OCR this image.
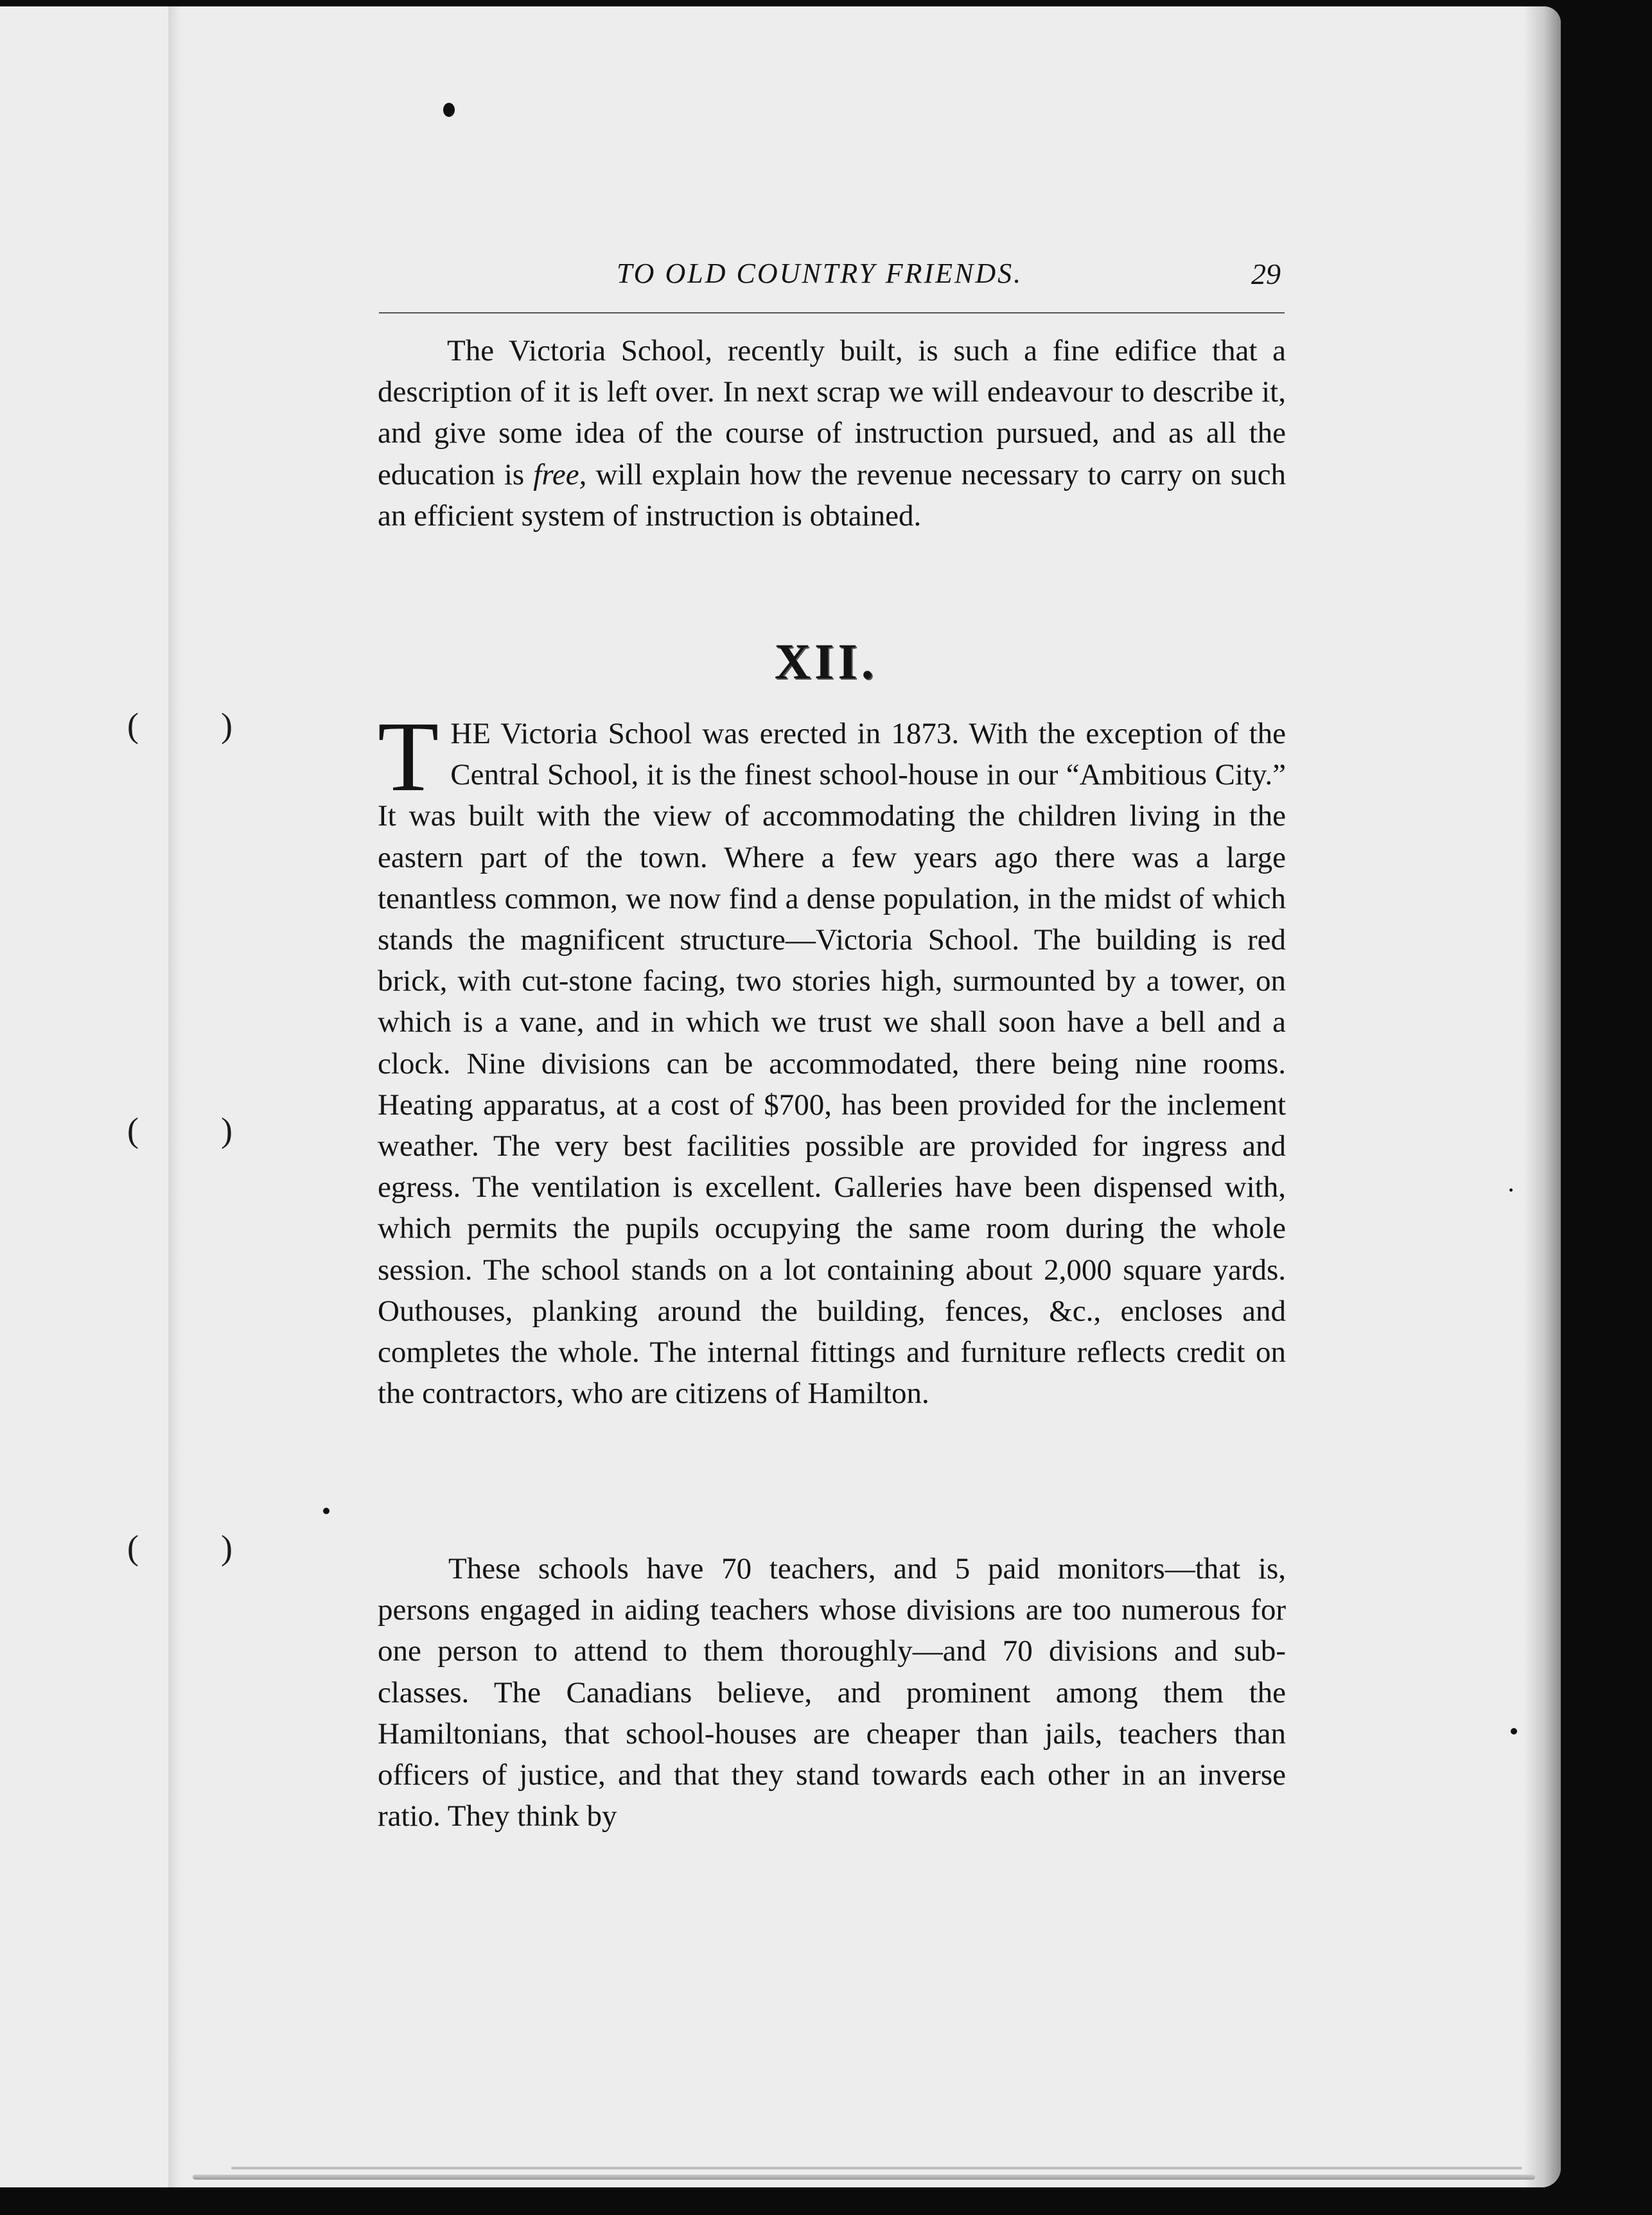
( )
( )
( )
TO OLD COUNTRY FRIENDS.	29
The Victoria School, recently built, is such a fine edifice that a description of it is left over. In next scrap we will endeavour to describe it, and give some idea of the course of instruction pursued, and as all the education is free, will explain how the revenue necessary to carry on such an efficient system of instruction is obtained.
XII.
THE Victoria School was erected in 1873. With the exception of the Central School, it is the finest school-house in our “Ambitious City.” It was built with the view of accommodating the children living in the eastern part of the town. Where a few years ago there was a large tenantless common, we now find a dense population, in the midst of which stands the magnificent structure—Victoria School. The building is red brick, with cut-stone facing, two stories high, surmounted by a tower, on which is a vane, and in which we trust we shall soon have a bell and a clock. Nine divisions can be accommodated, there being nine rooms. Heating apparatus, at a cost of $700, has been provided for the inclement weather. The very best facilities possible are provided for ingress and egress. The ventilation is excellent. Galleries have been dispensed with, which permits the pupils occupying the same room during the whole session. The school stands on a lot containing about 2,000 square yards. Outhouses, planking around the building, fences, &c., encloses and completes the whole. The internal fittings and furniture reflects credit on the contractors, who are citizens of Hamilton.
These schools have 70 teachers, and 5 paid monitors—that is, persons engaged in aiding teachers whose divisions are too numerous for one person to attend to them thoroughly—and 70 divisions and sub-classes. The Canadians believe, and prominent among them the Hamiltonians, that school-houses are cheaper than jails, teachers than officers of justice, and that they stand towards each other in an inverse ratio. They think by
